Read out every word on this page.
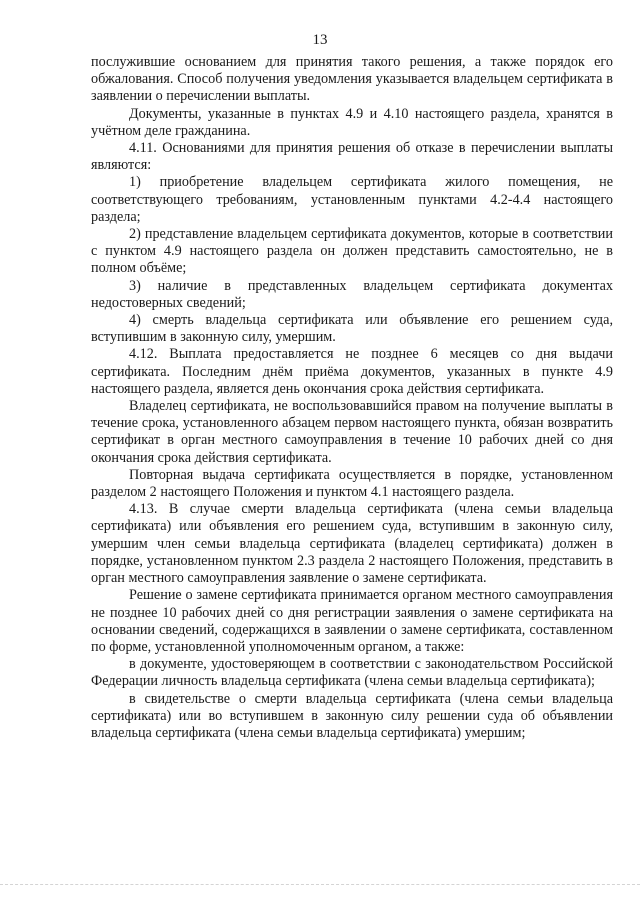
13

послужившие основанием для принятия такого решения, а также порядок его обжалования. Способ получения уведомления указывается владельцем сертификата в заявлении о перечислении выплаты.

Документы, указанные в пунктах 4.9 и 4.10 настоящего раздела, хранятся в учётном деле гражданина.

4.11. Основаниями для принятия решения об отказе в перечислении выплаты являются:

1) приобретение владельцем сертификата жилого помещения, не соответствующего требованиям, установленным пунктами 4.2-4.4 настоящего раздела;

2) представление владельцем сертификата документов, которые в соответствии с пунктом 4.9 настоящего раздела он должен представить самостоятельно, не в полном объёме;

3) наличие в представленных владельцем сертификата документах недостоверных сведений;

4) смерть владельца сертификата или объявление его решением суда, вступившим в законную силу, умершим.

4.12. Выплата предоставляется не позднее 6 месяцев со дня выдачи сертификата. Последним днём приёма документов, указанных в пункте 4.9 настоящего раздела, является день окончания срока действия сертификата.

Владелец сертификата, не воспользовавшийся правом на получение выплаты в течение срока, установленного абзацем первом настоящего пункта, обязан возвратить сертификат в орган местного самоуправления в течение 10 рабочих дней со дня окончания срока действия сертификата.

Повторная выдача сертификата осуществляется в порядке, установленном разделом 2 настоящего Положения и пунктом 4.1 настоящего раздела.

4.13. В случае смерти владельца сертификата (члена семьи владельца сертификата) или объявления его решением суда, вступившим в законную силу, умершим член семьи владельца сертификата (владелец сертификата) должен в порядке, установленном пунктом 2.3 раздела 2 настоящего Положения, представить в орган местного самоуправления заявление о замене сертификата.

Решение о замене сертификата принимается органом местного самоуправления не позднее 10 рабочих дней со дня регистрации заявления о замене сертификата на основании сведений, содержащихся в заявлении о замене сертификата, составленном по форме, установленной уполномоченным органом, а также:

в документе, удостоверяющем в соответствии с законодательством Российской Федерации личность владельца сертификата (члена семьи владельца сертификата);

в свидетельстве о смерти владельца сертификата (члена семьи владельца сертификата) или во вступившем в законную силу решении суда об объявлении владельца сертификата (члена семьи владельца сертификата) умершим;
